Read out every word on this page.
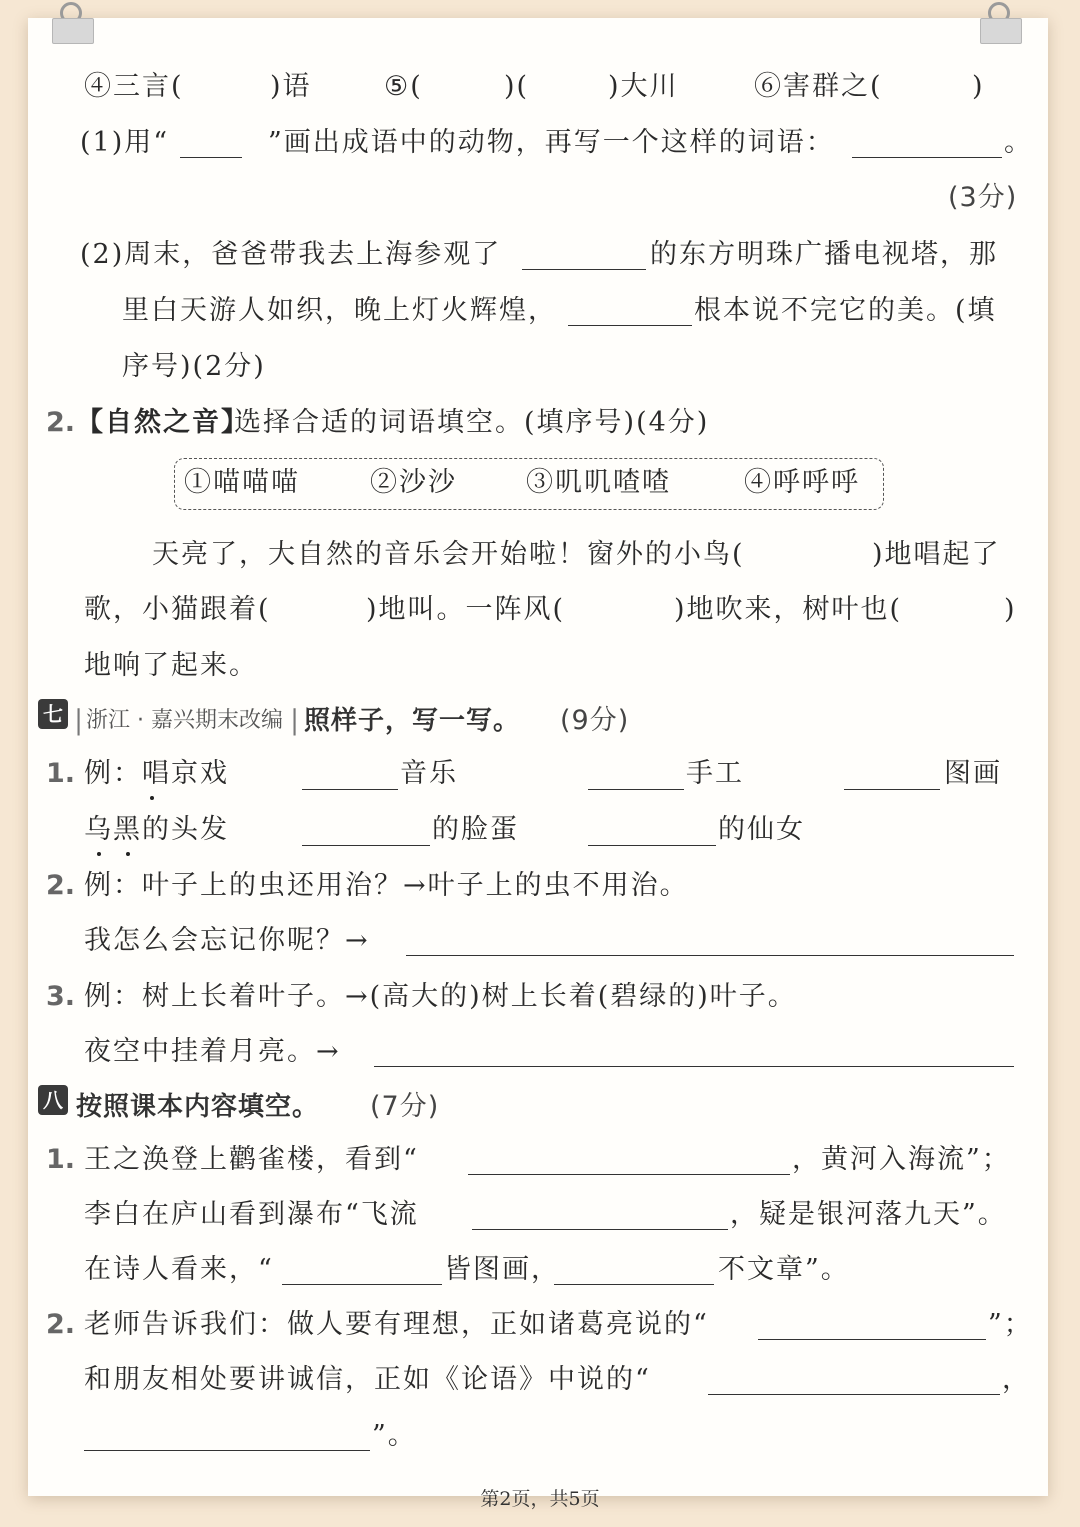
④三言(	)语	⑤(	)(	)大川	⑥害群之(	)
(1)用“	”画出成语中的动物，再写一个这样的词语：	。
(3分)
(2)周末，爸爸带我去上海参观了	的东方明珠广播电视塔，那
里白天游人如织，晚上灯火辉煌，	根本说不完它的美。(填
序号)(2分)
2. 【自然之音】
选择合适的词语填空。(填序号)(4分)
①喵喵喵	②沙沙	③叽叽喳喳	④呼呼呼
天亮了，大自然的音乐会开始啦！窗外的小鸟(	)地唱起了
歌，小猫跟着(	)地叫。一阵风(	)地吹来，树叶也(	)
地响了起来。
七 | 浙江 · 嘉兴期末改编 | 照样子，写一写。 (9分)
1. 例：唱京戏	音乐	手工	图画
乌黑的头发	的脸蛋	的仙女
2. 例：叶子上的虫还用治？→叶子上的虫不用治。
我怎么会忘记你呢？→
3. 例：树上长着叶子。→(高大的)树上长着(碧绿的)叶子。
夜空中挂着月亮。→
八 按照课本内容填空。 (7分)
1. 王之涣登上鹳雀楼，看到“	，黄河入海流”；
李白在庐山看到瀑布“飞流	，疑是银河落九天”。
在诗人看来，“	皆图画，	不文章”。
2. 老师告诉我们：做人要有理想，正如诸葛亮说的“	”；
和朋友相处要讲诚信，正如《论语》中说的“	，
”。
第2页，共5页
